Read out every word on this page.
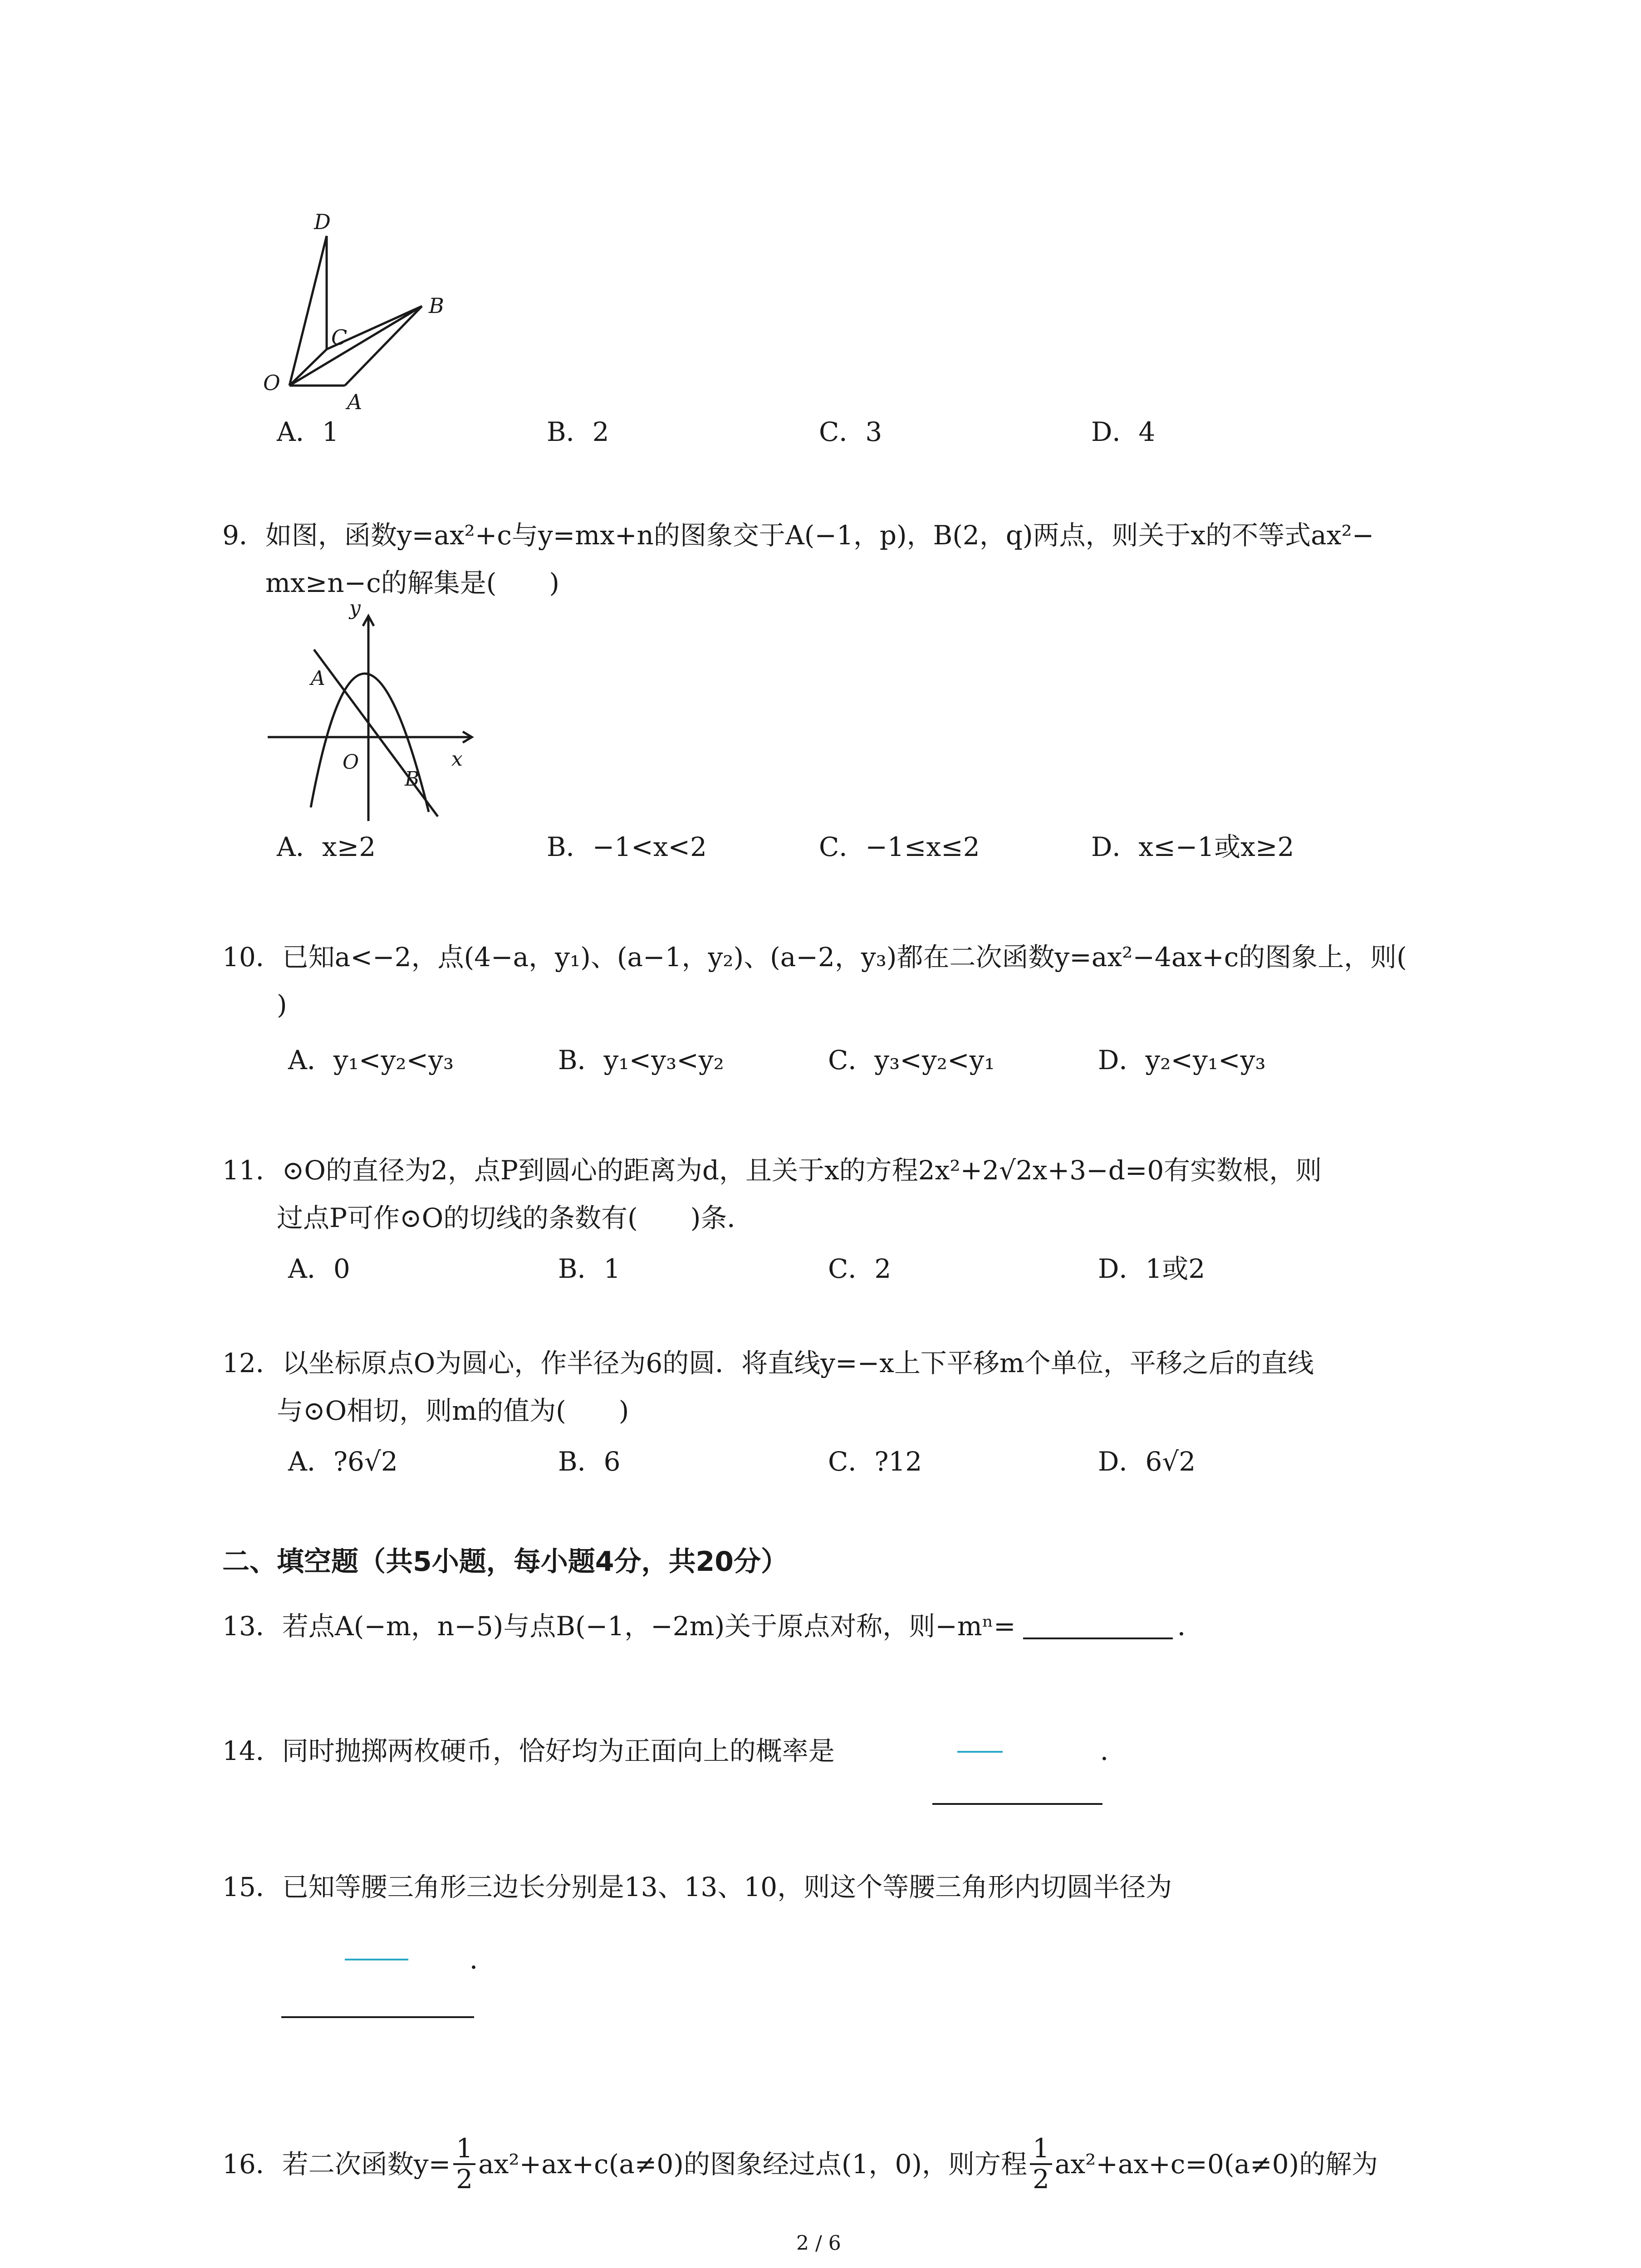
D
B
C
O
A
A．1	B．2	C．3	D．4
9．如图，函数y=ax²+c与y=mx+n的图象交于A(−1，p)，B(2，q)两点，则关于x的不等式ax²−
mx≥n−c的解集是(　　)
y
A
O
B
x
A．x≥2	B．−1<x<2	C．−1≤x≤2	D．x≤−1或x≥2
10．已知a<−2，点(4−a，y₁)、(a−1，y₂)、(a−2，y₃)都在二次函数y=ax²−4ax+c的图象上，则(
)
A．y₁<y₂<y₃	B．y₁<y₃<y₂	C．y₃<y₂<y₁	D．y₂<y₁<y₃
11．⊙O的直径为2，点P到圆心的距离为d，且关于x的方程2x²+2√2x+3−d=0有实数根，则
过点P可作⊙O的切线的条数有(　　)条．
A．0	B．1	C．2	D．1或2
12．以坐标原点O为圆心，作半径为6的圆．将直线y=−x上下平移m个单位，平移之后的直线
与⊙O相切，则m的值为(　　)
A．?6√2	B．6	C．?12	D．6√2
二、填空题（共5小题，每小题4分，共20分）
13．若点A(−m，n−5)与点B(−1，−2m)关于原点对称，则−mⁿ=	．
14．同时抛掷两枚硬币，恰好均为正面向上的概率是	．
15．已知等腰三角形三边长分别是13、13、10，则这个等腰三角形内切圆半径为
．
16．若二次函数$y= \frac{1}{2} ax^2+ax+c(a\ne 0)$的图象经过点(1，0)，则方程 $\frac{1}{2} ax^2+ax+c=0(a\ne 0)$的解为
2 / 6
